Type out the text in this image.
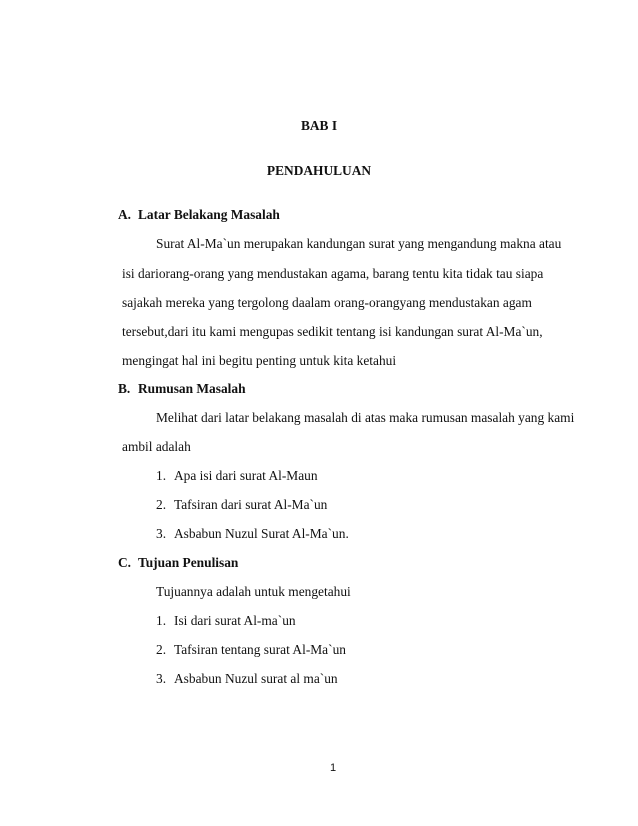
BAB I
PENDAHULUAN
A. Latar Belakang Masalah
Surat Al-Ma`un merupakan kandungan surat yang mengandung makna atau
isi dariorang-orang yang mendustakan agama, barang tentu kita tidak tau siapa
sajakah mereka yang tergolong daalam orang-orangyang mendustakan agam
tersebut,dari itu kami mengupas sedikit tentang isi kandungan surat Al-Ma`un,
mengingat hal ini begitu penting untuk kita ketahui
B. Rumusan Masalah
Melihat dari latar belakang masalah di atas maka rumusan masalah yang kami
ambil adalah
1. Apa isi dari surat Al-Maun
2. Tafsiran dari surat Al-Ma`un
3. Asbabun Nuzul Surat Al-Ma`un.
C. Tujuan Penulisan
Tujuannya adalah untuk mengetahui
1. Isi dari surat Al-ma`un
2. Tafsiran tentang surat Al-Ma`un
3. Asbabun Nuzul surat al ma`un
1
